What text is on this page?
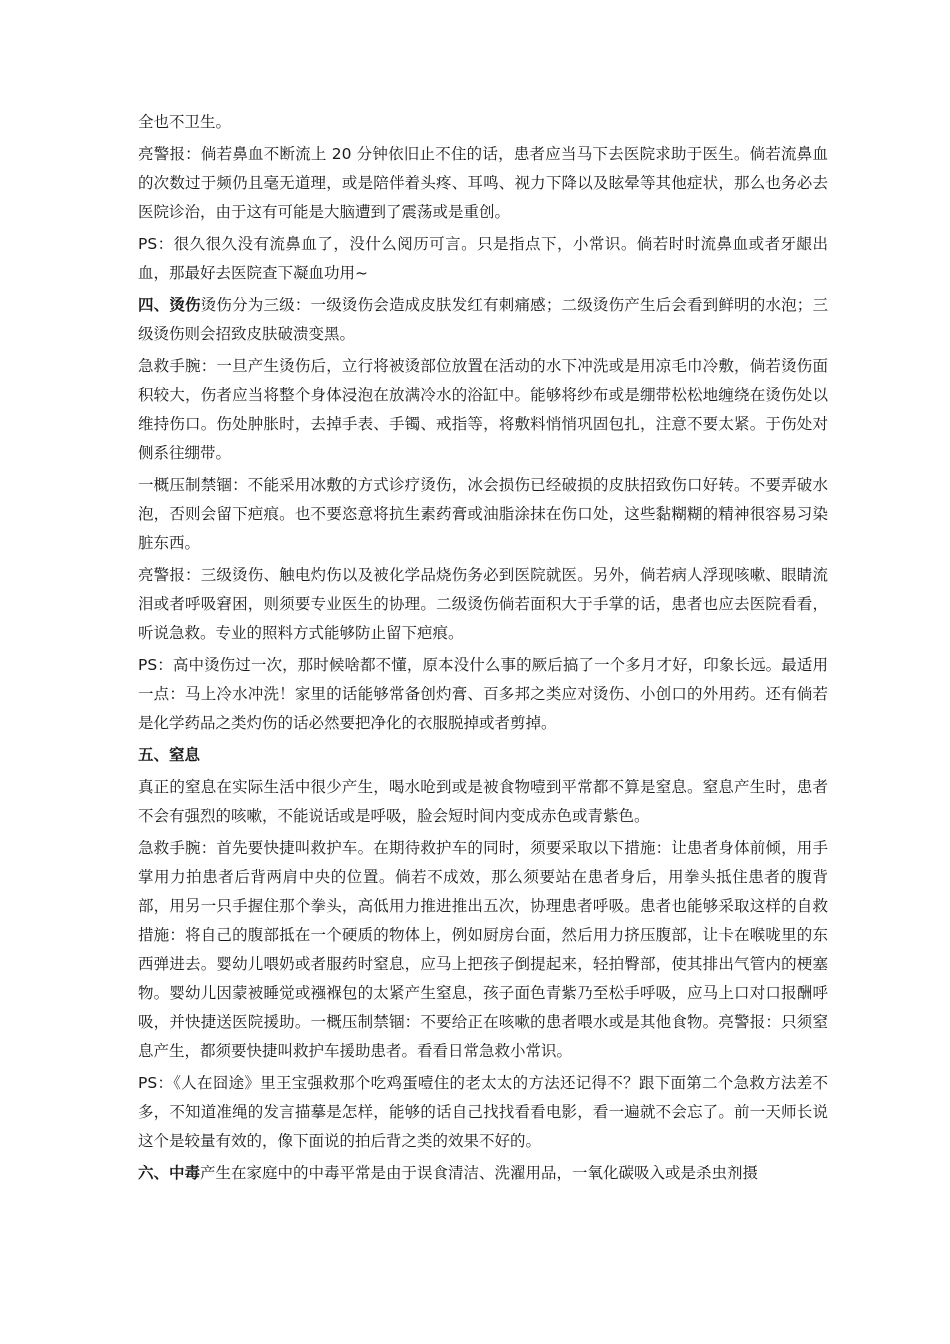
全也不卫生。

亮警报：倘若鼻血不断流上 20 分钟依旧止不住的话，患者应当马下去医院求助于医生。倘若流鼻血的次数过于频仍且毫无道理，或是陪伴着头疼、耳鸣、视力下降以及眩晕等其他症状，那么也务必去医院诊治，由于这有可能是大脑遭到了震荡或是重创。

PS：很久很久没有流鼻血了，没什么阅历可言。只是指点下，小常识。倘若时时流鼻血或者牙龈出血，那最好去医院查下凝血功用~

四、烫伤烫伤分为三级：一级烫伤会造成皮肤发红有刺痛感；二级烫伤产生后会看到鲜明的水泡；三级烫伤则会招致皮肤破溃变黑。

急救手腕：一旦产生烫伤后，立行将被烫部位放置在活动的水下冲洗或是用凉毛巾冷敷，倘若烫伤面积较大，伤者应当将整个身体浸泡在放满冷水的浴缸中。能够将纱布或是绷带松松地缠绕在烫伤处以维持伤口。伤处肿胀时，去掉手表、手镯、戒指等，将敷料悄悄巩固包扎，注意不要太紧。于伤处对侧系往绷带。

一概压制禁锢：不能采用冰敷的方式诊疗烫伤，冰会损伤已经破损的皮肤招致伤口好转。不要弄破水泡，否则会留下疤痕。也不要恣意将抗生素药膏或油脂涂抹在伤口处，这些黏糊糊的精神很容易习染脏东西。

亮警报：三级烫伤、触电灼伤以及被化学品烧伤务必到医院就医。另外，倘若病人浮现咳嗽、眼睛流泪或者呼吸窘困，则须要专业医生的协理。二级烫伤倘若面积大于手掌的话，患者也应去医院看看，听说急救。专业的照料方式能够防止留下疤痕。

PS：高中烫伤过一次，那时候啥都不懂，原本没什么事的厥后搞了一个多月才好，印象长远。最适用一点：马上冷水冲洗！家里的话能够常备创灼膏、百多邦之类应对烫伤、小创口的外用药。还有倘若是化学药品之类灼伤的话必然要把净化的衣服脱掉或者剪掉。

五、窒息

真正的窒息在实际生活中很少产生，喝水呛到或是被食物噎到平常都不算是窒息。窒息产生时，患者不会有强烈的咳嗽，不能说话或是呼吸，脸会短时间内变成赤色或青紫色。

急救手腕：首先要快捷叫救护车。在期待救护车的同时，须要采取以下措施：让患者身体前倾，用手掌用力拍患者后背两肩中央的位置。倘若不成效，那么须要站在患者身后，用拳头抵住患者的腹背部，用另一只手握住那个拳头，高低用力推进推出五次，协理患者呼吸。患者也能够采取这样的自救措施：将自己的腹部抵在一个硬质的物体上，例如厨房台面，然后用力挤压腹部，让卡在喉咙里的东西弹进去。婴幼儿喂奶或者服药时窒息，应马上把孩子倒提起来，轻拍臀部，使其排出气管内的梗塞物。婴幼儿因蒙被睡觉或襁褓包的太紧产生窒息，孩子面色青紫乃至松手呼吸，应马上口对口报酬呼吸，并快捷送医院援助。一概压制禁锢：不要给正在咳嗽的患者喂水或是其他食物。亮警报：只须窒息产生，都须要快捷叫救护车援助患者。看看日常急救小常识。

PS：《人在囧途》里王宝强救那个吃鸡蛋噎住的老太太的方法还记得不？跟下面第二个急救方法差不多，不知道准绳的发言描摹是怎样，能够的话自己找找看看电影，看一遍就不会忘了。前一天师长说这个是较量有效的，像下面说的拍后背之类的效果不好的。

六、中毒产生在家庭中的中毒平常是由于误食清洁、洗濯用品，一氧化碳吸入或是杀虫剂摄
